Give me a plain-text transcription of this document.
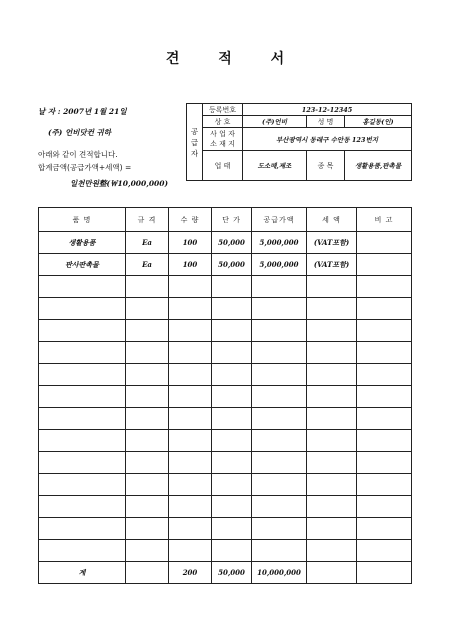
견 적 서
날 자 : 2007년 1월 21일
(주) 언비닷컨 귀하
아래와 같이 견적합니다.
합계금액(공급가액+세액) =
일천만원整(￦10,000,000)
공
급
자	등록번호	123-12-12345		
	상 호	(주)언비	성 명	홍길동(인)
	사 업 자
소 재 지	부산광역시 동래구 수안동 123번지		
	업 태	도소매,제조	종 목	생활용품,판촉물
품 명	규 격	수 량	단 가	공급가액	세 액	비 고
생활용품	Ea	100	50,000	5,000,000	(VAT포함)	
판사판촉물	Ea	100	50,000	5,000,000	(VAT포함)	

계		200	50,000	10,000,000		
